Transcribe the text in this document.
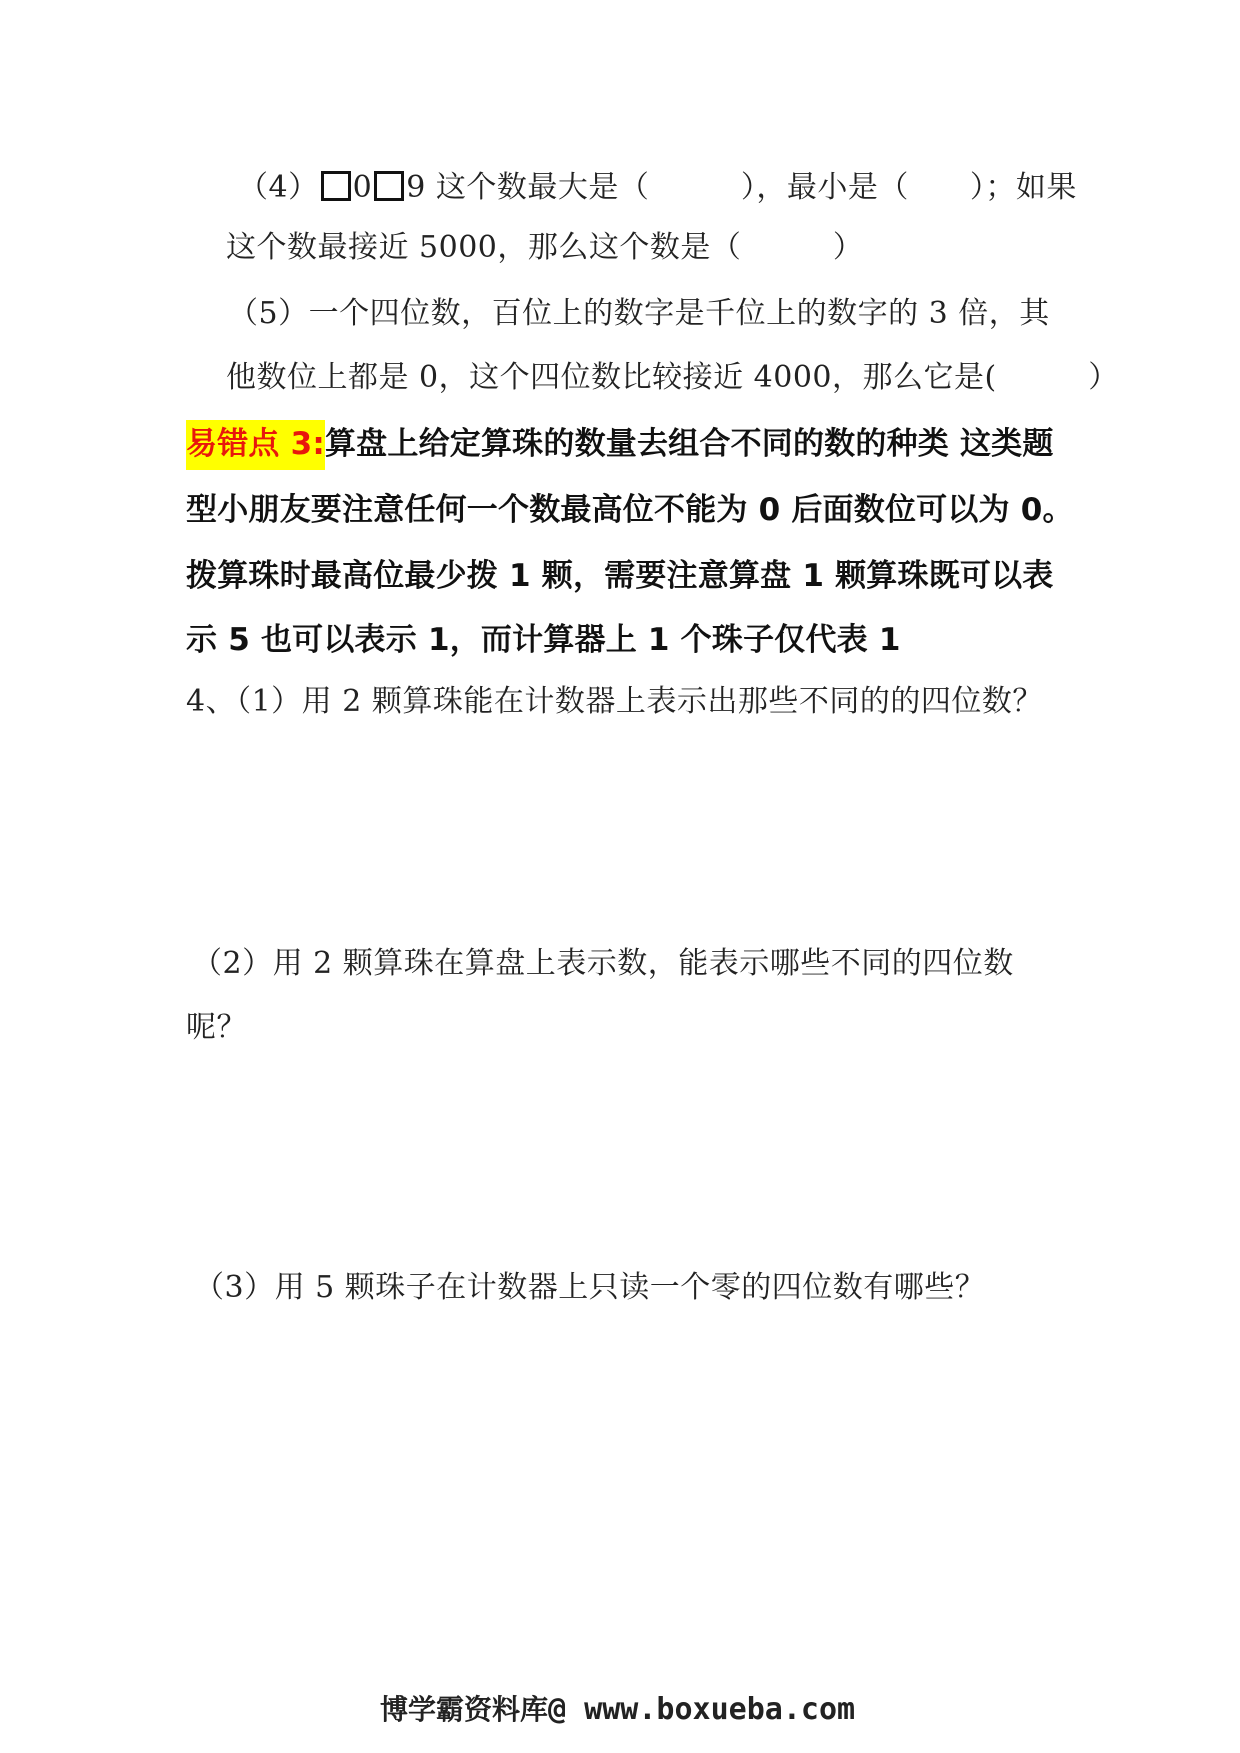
（4） 0 9 这个数最大是（　　　），最小是（　　）；如果
这个数最接近 5000，那么这个数是（　　　）
（5）一个四位数，百位上的数字是千位上的数字的 3 倍，其
他数位上都是 0，这个四位数比较接近 4000，那么它是(　　　）
易错点 3:算盘上给定算珠的数量去组合不同的数的种类 这类题
型小朋友要注意任何一个数最高位不能为 0 后面数位可以为 0。
拨算珠时最高位最少拨 1 颗，需要注意算盘 1 颗算珠既可以表
示 5 也可以表示 1，而计算器上 1 个珠子仅代表 1
4、（1）用 2 颗算珠能在计数器上表示出那些不同的的四位数？
（2）用 2 颗算珠在算盘上表示数，能表示哪些不同的四位数
呢？
（3）用 5 颗珠子在计数器上只读一个零的四位数有哪些？
博学霸资料库@ www.boxueba.com
